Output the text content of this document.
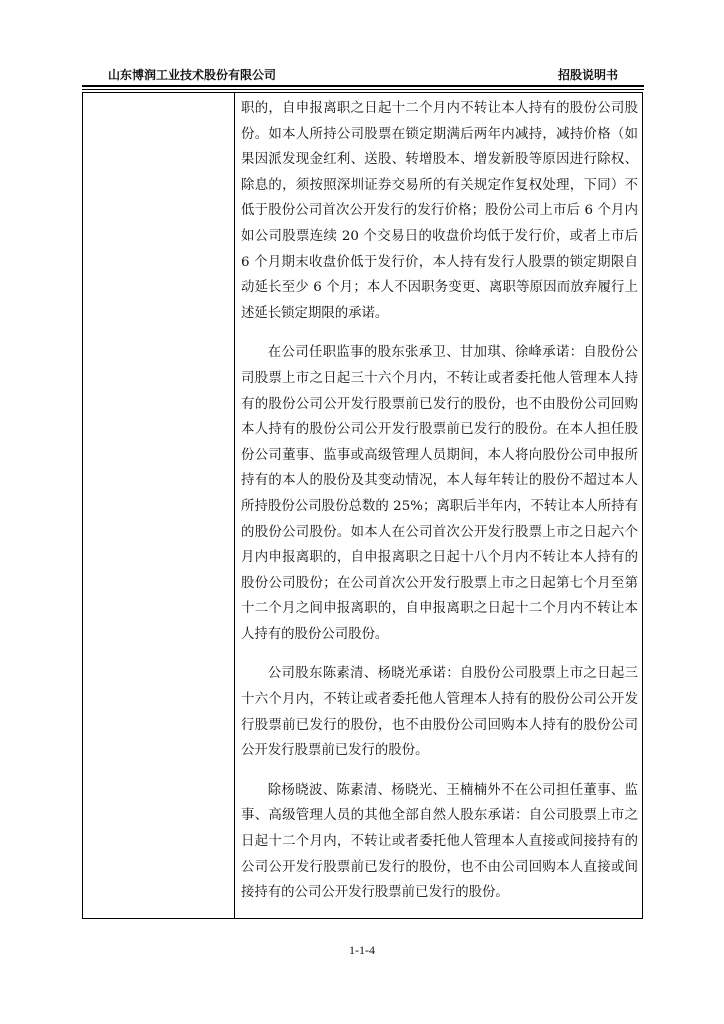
山东博润工业技术股份有限公司	招股说明书

职的，自申报离职之日起十二个月内不转让本人持有的股份公司股份。如本人所持公司股票在锁定期满后两年内减持，减持价格（如果因派发现金红利、送股、转增股本、增发新股等原因进行除权、除息的，须按照深圳证券交易所的有关规定作复权处理，下同）不低于股份公司首次公开发行的发行价格；股份公司上市后 6 个月内如公司股票连续 20 个交易日的收盘价均低于发行价，或者上市后 6 个月期末收盘价低于发行价，本人持有发行人股票的锁定期限自动延长至少 6 个月；本人不因职务变更、离职等原因而放弃履行上述延长锁定期限的承诺。

在公司任职监事的股东张承卫、甘加琪、徐峰承诺：自股份公司股票上市之日起三十六个月内，不转让或者委托他人管理本人持有的股份公司公开发行股票前已发行的股份，也不由股份公司回购本人持有的股份公司公开发行股票前已发行的股份。在本人担任股份公司董事、监事或高级管理人员期间，本人将向股份公司申报所持有的本人的股份及其变动情况，本人每年转让的股份不超过本人所持股份公司股份总数的 25%；离职后半年内，不转让本人所持有的股份公司股份。如本人在公司首次公开发行股票上市之日起六个月内申报离职的，自申报离职之日起十八个月内不转让本人持有的股份公司股份；在公司首次公开发行股票上市之日起第七个月至第十二个月之间申报离职的，自申报离职之日起十二个月内不转让本人持有的股份公司股份。

公司股东陈素清、杨晓光承诺：自股份公司股票上市之日起三十六个月内，不转让或者委托他人管理本人持有的股份公司公开发行股票前已发行的股份，也不由股份公司回购本人持有的股份公司公开发行股票前已发行的股份。

除杨晓波、陈素清、杨晓光、王楠楠外不在公司担任董事、监事、高级管理人员的其他全部自然人股东承诺：自公司股票上市之日起十二个月内，不转让或者委托他人管理本人直接或间接持有的公司公开发行股票前已发行的股份，也不由公司回购本人直接或间接持有的公司公开发行股票前已发行的股份。

1-1-4
